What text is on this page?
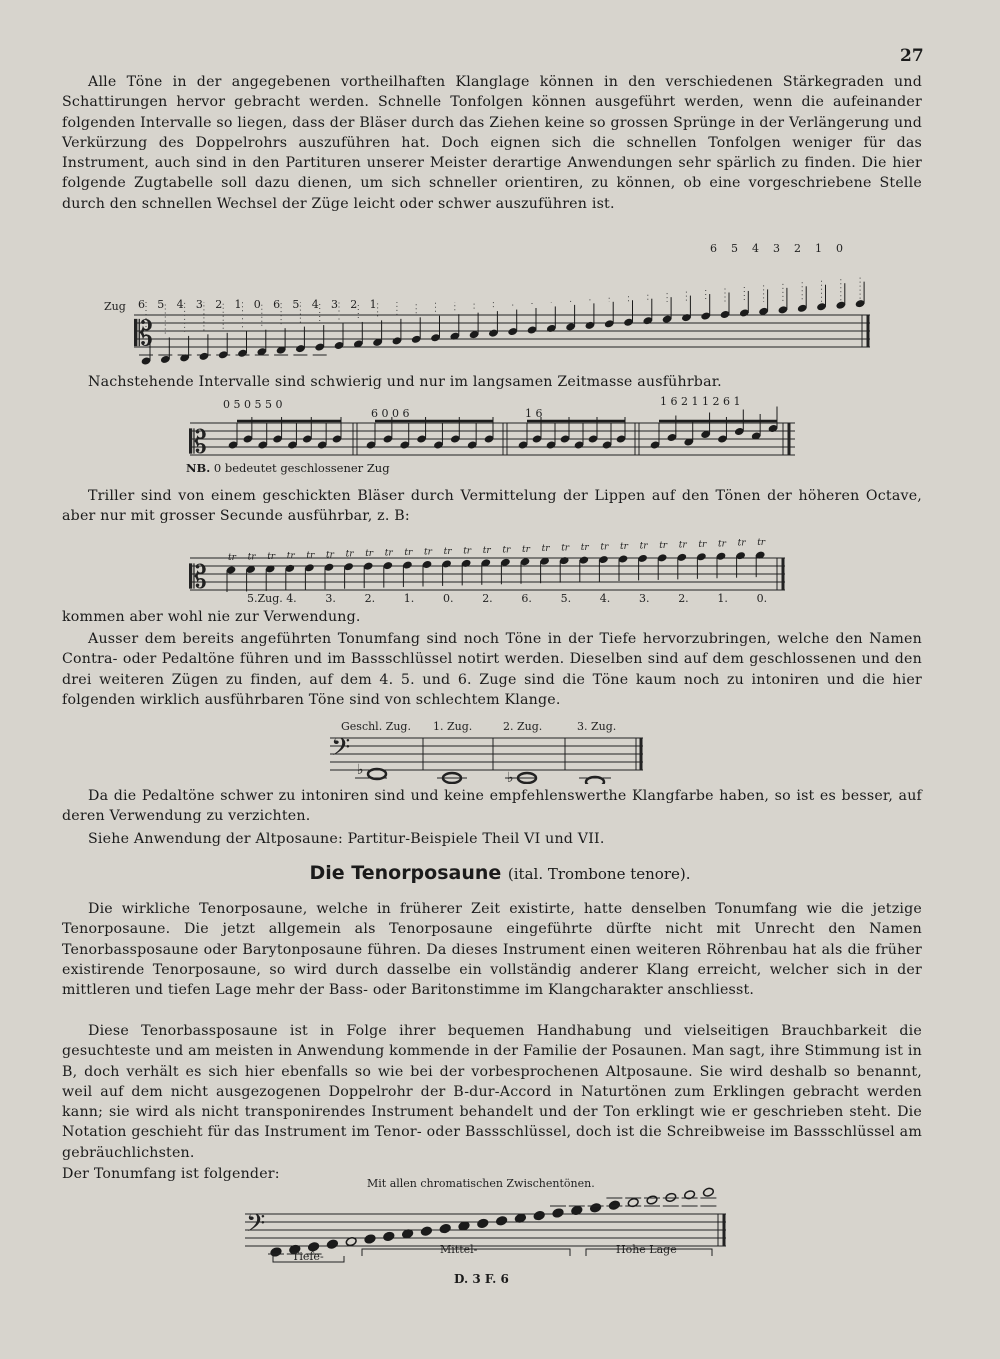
27

Alle Töne in der angegebenen vortheilhaften Klanglage können in den verschiedenen Stärkegraden und Schattirungen hervor gebracht werden. Schnelle Tonfolgen können ausgeführt werden, wenn die aufeinander folgenden Intervalle so liegen, dass der Bläser durch das Ziehen keine so grossen Sprünge in der Verlängerung und Verkürzung des Doppelrohrs auszuführen hat. Doch eignen sich die schnellen Tonfolgen weniger für das Instrument, auch sind in den Partituren unserer Meister derartige Anwendungen sehr spärlich zu finden. Die hier folgende Zugtabelle soll dazu dienen, um sich schneller orientiren, zu können, ob eine vorgeschriebene Stelle durch den schnellen Wechsel der Züge leicht oder schwer auszuführen ist.

Zug
𝄡
6 5 4 3 2 1 0 6 5 4 3 2 1
6 5 4 3 2 1 0

Nachstehende Intervalle sind schwierig und nur im langsamen Zeitmasse ausführbar.

0 5 0 5 5 0
6 0 0 6	1 6
1 6 2 1 1 2 6 1
𝄡
NB. 0 bedeutet geschlossener Zug

Triller sind von einem geschickten Bläser durch Vermittelung der Lippen auf den Tönen der höheren Octave, aber nur mit grosser Secunde ausführbar, z. B:

𝄡 tr tr tr tr tr tr tr tr tr tr tr tr tr tr tr tr tr tr tr tr tr tr tr tr tr tr tr tr
5.Zug. 4.	3.	2.	1.	0.	2.	6.	5.	4.	3.	2.	1.	0.

kommen aber wohl nie zur Verwendung.

Ausser dem bereits angeführten Tonumfang sind noch Töne in der Tiefe hervorzubringen, welche den Namen Contra- oder Pedaltöne führen und im Bassschlüssel notirt werden. Dieselben sind auf dem geschlossenen und den drei weiteren Zügen zu finden, auf dem 4. 5. und 6. Zuge sind die Töne kaum noch zu intoniren und die hier folgenden wirklich ausführbaren Töne sind von schlechtem Klange.

Geschl. Zug. 1. Zug.	2. Zug.	3. Zug.
𝄢
♭	♭

Da die Pedaltöne schwer zu intoniren sind und keine empfehlenswerthe Klangfarbe haben, so ist es besser, auf deren Verwendung zu verzichten.

Siehe Anwendung der Altposaune: Partitur-Beispiele Theil VI und VII.

Die Tenorposaune (ital. Trombone tenore).

Die wirkliche Tenorposaune, welche in früherer Zeit existirte, hatte denselben Tonumfang wie die jetzige Tenorposaune. Die jetzt allgemein als Tenorposaune eingeführte dürfte nicht mit Unrecht den Namen Tenorbassposaune oder Barytonposaune führen. Da dieses Instrument einen weiteren Röhrenbau hat als die früher existirende Tenorposaune, so wird durch dasselbe ein vollständig anderer Klang erreicht, welcher sich in der mittleren und tiefen Lage mehr der Bass- oder Baritonstimme im Klangcharakter anschliesst.

Diese Tenorbassposaune ist in Folge ihrer bequemen Handhabung und vielseitigen Brauchbarkeit die gesuchteste und am meisten in Anwendung kommende in der Familie der Posaunen. Man sagt, ihre Stimmung ist in B, doch verhält es sich hier ebenfalls so wie bei der vorbesprochenen Altposaune. Sie wird deshalb so benannt, weil auf dem nicht ausgezogenen Doppelrohr der B-dur-Accord in Naturtönen zum Erklingen gebracht werden kann; sie wird als nicht transponirendes Instrument behandelt und der Ton erklingt wie er geschrieben steht. Die Notation geschieht für das Instrument im Tenor- oder Bassschlüssel, doch ist die Schreibweise im Bassschlüssel am gebräuchlichsten.

Der Tonumfang ist folgender:

Mit allen chromatischen Zwischentönen.
𝄢
Tiefe-
Mittel-	Hohe Lage
D. 3 F. 6
